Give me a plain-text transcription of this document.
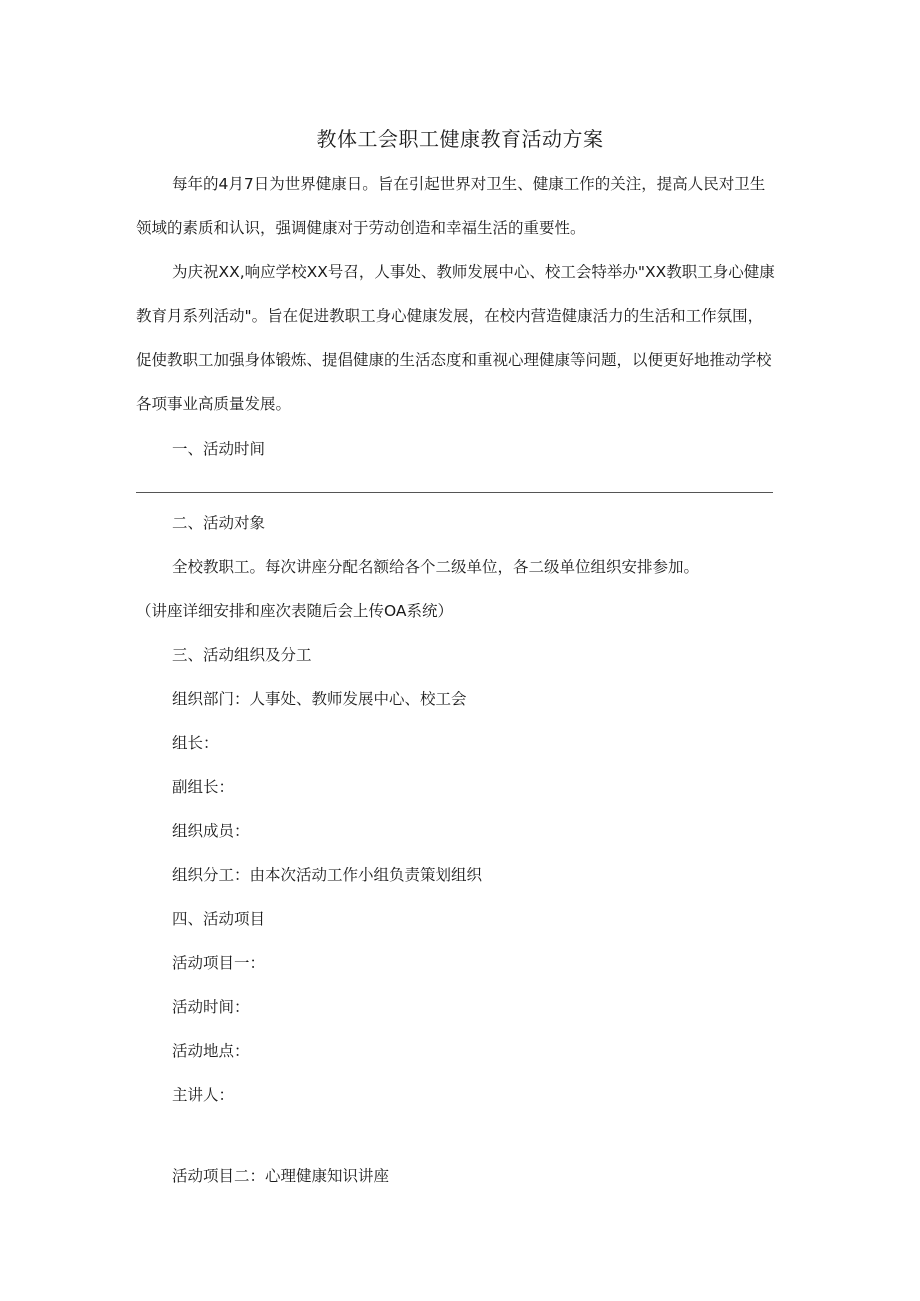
教体工会职工健康教育活动方案

每年的4月7日为世界健康日。旨在引起世界对卫生、健康工作的关注，提高人民对卫生领域的素质和认识，强调健康对于劳动创造和幸福生活的重要性。

为庆祝XX,响应学校XX号召，人事处、教师发展中心、校工会特举办"XX教职工身心健康教育月系列活动"。旨在促进教职工身心健康发展，在校内营造健康活力的生活和工作氛围，促使教职工加强身体锻炼、提倡健康的生活态度和重视心理健康等问题，以便更好地推动学校各项事业高质量发展。

一、活动时间
二、活动对象
全校教职工。每次讲座分配名额给各个二级单位，各二级单位组织安排参加。
（讲座详细安排和座次表随后会上传OA系统）
三、活动组织及分工
组织部门：人事处、教师发展中心、校工会
组长：
副组长：
组织成员：
组织分工：由本次活动工作小组负责策划组织
四、活动项目
活动项目一：
活动时间：
活动地点：
主讲人：
活动项目二：心理健康知识讲座
